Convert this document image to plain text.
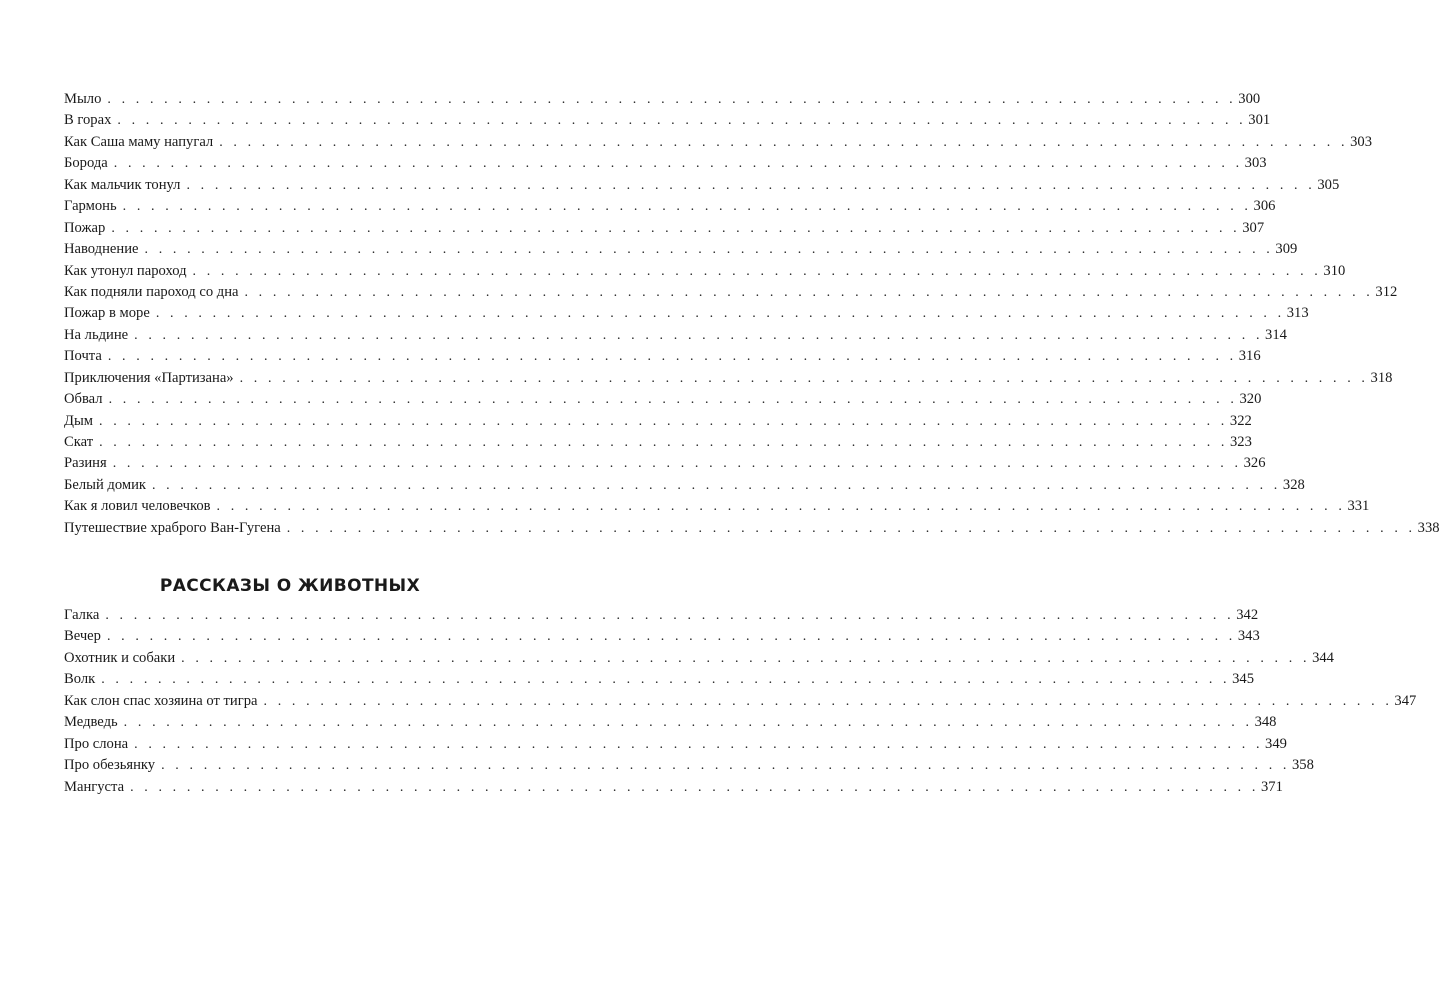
Мыло . . . . . . . . . . . . . . . . . . . . . . . . . . . . . . . . . . . . . . . . . . . . . . . . . . . . . . . . . . . . . . . . . . . . . . . . . . . . . . . . 300
В горах . . . . . . . . . . . . . . . . . . . . . . . . . . . . . . . . . . . . . . . . . . . . . . . . . . . . . . . . . . . . . . . . . . . . . . . . . . . . . . . . 301
Как Саша маму напугал . . . . . . . . . . . . . . . . . . . . . . . . . . . . . . . . . . . . . . . . . . . . . . . . . . . . . . . . . . . . . . . . . . . . . . . . . . . . . . . . 303
Борода . . . . . . . . . . . . . . . . . . . . . . . . . . . . . . . . . . . . . . . . . . . . . . . . . . . . . . . . . . . . . . . . . . . . . . . . . . . . . . . . 303
Как мальчик тонул . . . . . . . . . . . . . . . . . . . . . . . . . . . . . . . . . . . . . . . . . . . . . . . . . . . . . . . . . . . . . . . . . . . . . . . . . . . . . . . . 305
Гармонь . . . . . . . . . . . . . . . . . . . . . . . . . . . . . . . . . . . . . . . . . . . . . . . . . . . . . . . . . . . . . . . . . . . . . . . . . . . . . . . . 306
Пожар . . . . . . . . . . . . . . . . . . . . . . . . . . . . . . . . . . . . . . . . . . . . . . . . . . . . . . . . . . . . . . . . . . . . . . . . . . . . . . . . 307
Наводнение . . . . . . . . . . . . . . . . . . . . . . . . . . . . . . . . . . . . . . . . . . . . . . . . . . . . . . . . . . . . . . . . . . . . . . . . . . . . . . . . 309
Как утонул пароход . . . . . . . . . . . . . . . . . . . . . . . . . . . . . . . . . . . . . . . . . . . . . . . . . . . . . . . . . . . . . . . . . . . . . . . . . . . . . . . . 310
Как подняли пароход со дна . . . . . . . . . . . . . . . . . . . . . . . . . . . . . . . . . . . . . . . . . . . . . . . . . . . . . . . . . . . . . . . . . . . . . . . . . . . . . . . . 312
Пожар в море . . . . . . . . . . . . . . . . . . . . . . . . . . . . . . . . . . . . . . . . . . . . . . . . . . . . . . . . . . . . . . . . . . . . . . . . . . . . . . . . 313
На льдине . . . . . . . . . . . . . . . . . . . . . . . . . . . . . . . . . . . . . . . . . . . . . . . . . . . . . . . . . . . . . . . . . . . . . . . . . . . . . . . . 314
Почта . . . . . . . . . . . . . . . . . . . . . . . . . . . . . . . . . . . . . . . . . . . . . . . . . . . . . . . . . . . . . . . . . . . . . . . . . . . . . . . . 316
Приключения «Партизана» . . . . . . . . . . . . . . . . . . . . . . . . . . . . . . . . . . . . . . . . . . . . . . . . . . . . . . . . . . . . . . . . . . . . . . . . . . . . . . . . 318
Обвал . . . . . . . . . . . . . . . . . . . . . . . . . . . . . . . . . . . . . . . . . . . . . . . . . . . . . . . . . . . . . . . . . . . . . . . . . . . . . . . . 320
Дым . . . . . . . . . . . . . . . . . . . . . . . . . . . . . . . . . . . . . . . . . . . . . . . . . . . . . . . . . . . . . . . . . . . . . . . . . . . . . . . . 322
Скат . . . . . . . . . . . . . . . . . . . . . . . . . . . . . . . . . . . . . . . . . . . . . . . . . . . . . . . . . . . . . . . . . . . . . . . . . . . . . . . . 323
Разиня . . . . . . . . . . . . . . . . . . . . . . . . . . . . . . . . . . . . . . . . . . . . . . . . . . . . . . . . . . . . . . . . . . . . . . . . . . . . . . . . 326
Белый домик . . . . . . . . . . . . . . . . . . . . . . . . . . . . . . . . . . . . . . . . . . . . . . . . . . . . . . . . . . . . . . . . . . . . . . . . . . . . . . . . 328
Как я ловил человечков . . . . . . . . . . . . . . . . . . . . . . . . . . . . . . . . . . . . . . . . . . . . . . . . . . . . . . . . . . . . . . . . . . . . . . . . . . . . . . . . 331
Путешествие храброго Ван-Гугена . . . . . . . . . . . . . . . . . . . . . . . . . . . . . . . . . . . . . . . . . . . . . . . . . . . . . . . . . . . . . . . . . . . . . . . . . . . . . . . . 338
РАССКАЗЫ О ЖИВОТНЫХ
Галка . . . . . . . . . . . . . . . . . . . . . . . . . . . . . . . . . . . . . . . . . . . . . . . . . . . . . . . . . . . . . . . . . . . . . . . . . . . . . . . . 342
Вечер . . . . . . . . . . . . . . . . . . . . . . . . . . . . . . . . . . . . . . . . . . . . . . . . . . . . . . . . . . . . . . . . . . . . . . . . . . . . . . . . 343
Охотник и собаки . . . . . . . . . . . . . . . . . . . . . . . . . . . . . . . . . . . . . . . . . . . . . . . . . . . . . . . . . . . . . . . . . . . . . . . . . . . . . . . . 344
Волк . . . . . . . . . . . . . . . . . . . . . . . . . . . . . . . . . . . . . . . . . . . . . . . . . . . . . . . . . . . . . . . . . . . . . . . . . . . . . . . . 345
Как слон спас хозяина от тигра . . . . . . . . . . . . . . . . . . . . . . . . . . . . . . . . . . . . . . . . . . . . . . . . . . . . . . . . . . . . . . . . . . . . . . . . . . . . . . . . 347
Медведь . . . . . . . . . . . . . . . . . . . . . . . . . . . . . . . . . . . . . . . . . . . . . . . . . . . . . . . . . . . . . . . . . . . . . . . . . . . . . . . . 348
Про слона . . . . . . . . . . . . . . . . . . . . . . . . . . . . . . . . . . . . . . . . . . . . . . . . . . . . . . . . . . . . . . . . . . . . . . . . . . . . . . . . 349
Про обезьянку . . . . . . . . . . . . . . . . . . . . . . . . . . . . . . . . . . . . . . . . . . . . . . . . . . . . . . . . . . . . . . . . . . . . . . . . . . . . . . . . 358
Мангуста . . . . . . . . . . . . . . . . . . . . . . . . . . . . . . . . . . . . . . . . . . . . . . . . . . . . . . . . . . . . . . . . . . . . . . . . . . . . . . . . 371
